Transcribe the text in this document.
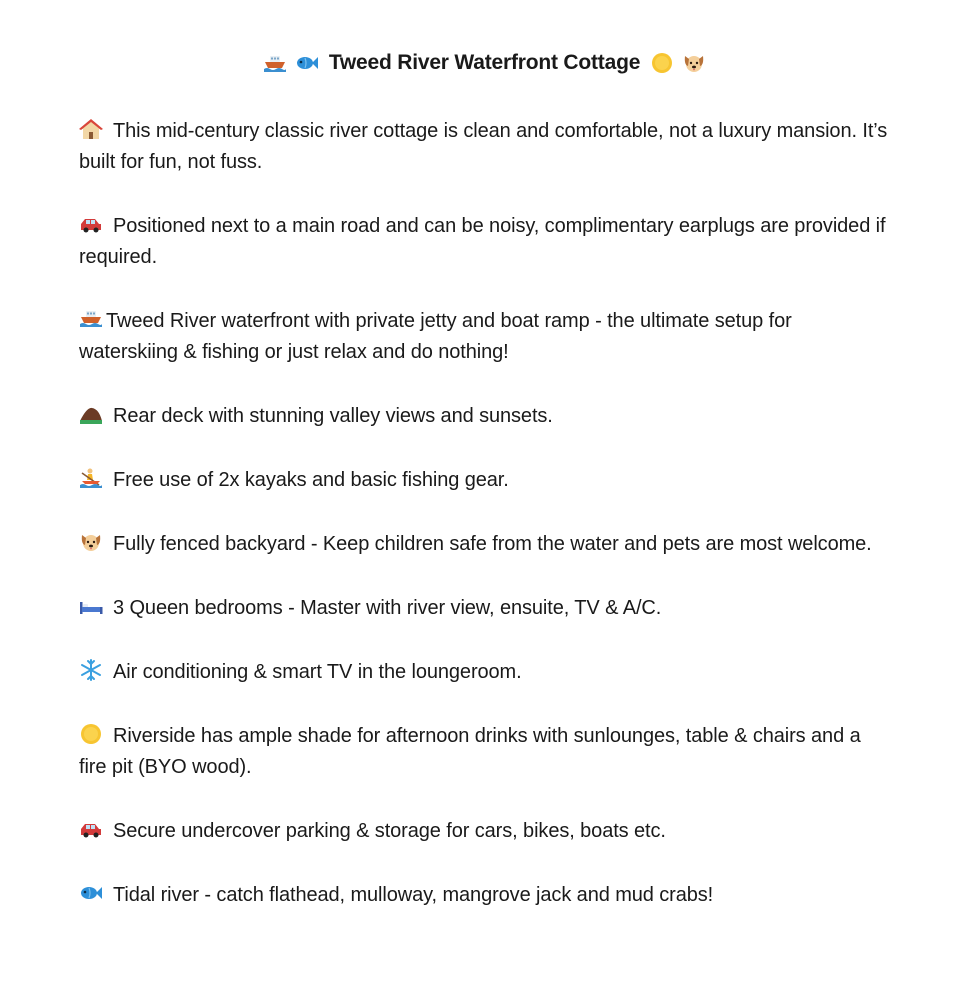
Tweed River Waterfront Cottage
This mid-century classic river cottage is clean and comfortable, not a luxury mansion. It’s built for fun, not fuss.
Positioned next to a main road and can be noisy, complimentary earplugs are provided if required.
Tweed River waterfront with private jetty and boat ramp - the ultimate setup for waterskiing & fishing or just relax and do nothing!
Rear deck with stunning valley views and sunsets.
Free use of 2x kayaks and basic fishing gear.
Fully fenced backyard - Keep children safe from the water and pets are most welcome.
3 Queen bedrooms - Master with river view, ensuite, TV & A/C.
Air conditioning & smart TV in the loungeroom.
Riverside has ample shade for afternoon drinks with sunlounges, table & chairs and a fire pit (BYO wood).
Secure undercover parking & storage for cars, bikes, boats etc.
Tidal river - catch flathead, mulloway, mangrove jack and mud crabs!
